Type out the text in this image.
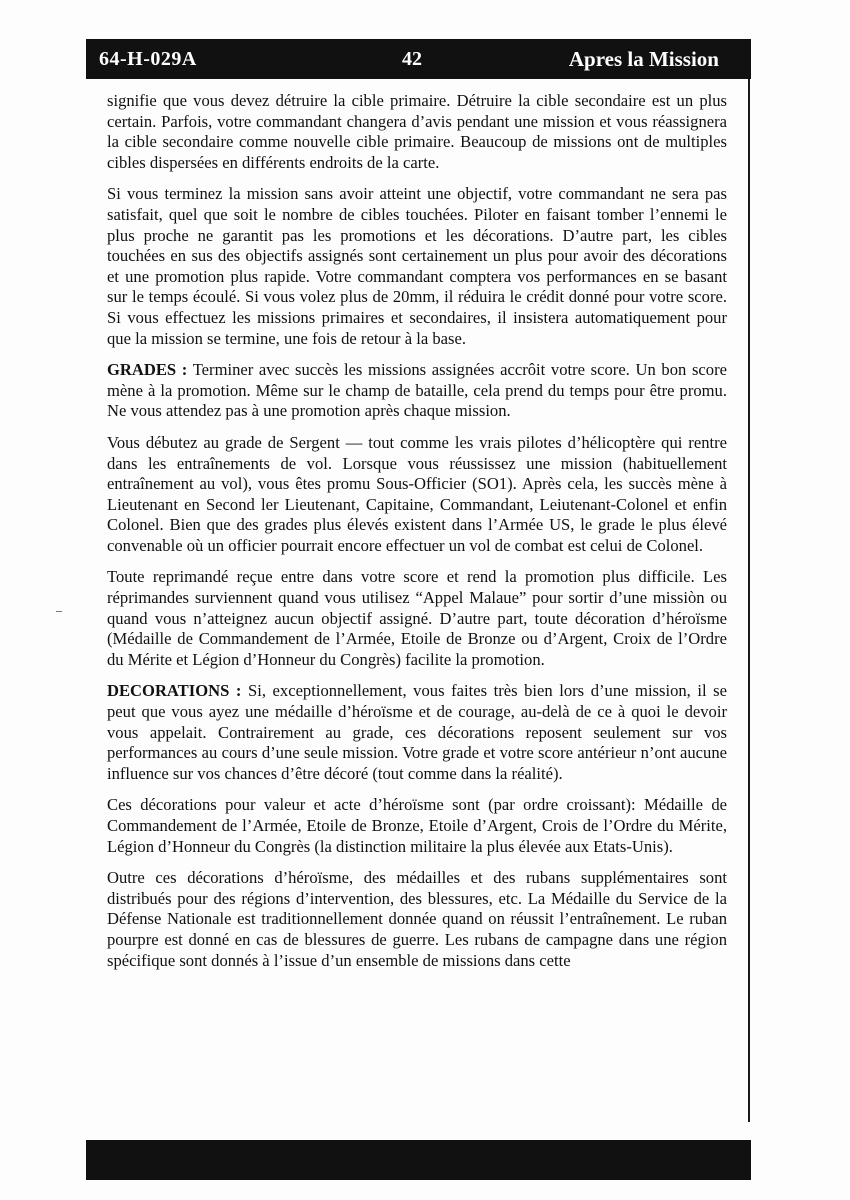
64-H-029A	42	Apres la Mission

signifie que vous devez détruire la cible primaire. Détruire la cible secondaire est un plus certain. Parfois, votre commandant changera d’avis pendant une mission et vous réassignera la cible secondaire comme nouvelle cible primaire. Beaucoup de missions ont de multiples cibles dispersées en différents endroits de la carte.

Si vous terminez la mission sans avoir atteint une objectif, votre commandant ne sera pas satisfait, quel que soit le nombre de cibles touchées. Piloter en faisant tomber l’ennemi le plus proche ne garantit pas les promotions et les décorations. D’autre part, les cibles touchées en sus des objectifs assignés sont certainement un plus pour avoir des décorations et une promotion plus rapide. Votre commandant comptera vos performances en se basant sur le temps écoulé. Si vous volez plus de 20mm, il réduira le crédit donné pour votre score. Si vous effectuez les missions primaires et secondaires, il insistera automatiquement pour que la mission se termine, une fois de retour à la base.

GRADES : Terminer avec succès les missions assignées accrôit votre score. Un bon score mène à la promotion. Même sur le champ de bataille, cela prend du temps pour être promu. Ne vous attendez pas à une promotion après chaque mission.

Vous débutez au grade de Sergent — tout comme les vrais pilotes d’hélicoptère qui rentre dans les entraînements de vol. Lorsque vous réussissez une mission (habituellement entraînement au vol), vous êtes promu Sous-Officier (SO1). Après cela, les succès mène à Lieutenant en Second ler Lieutenant, Capitaine, Commandant, Leiutenant-Colonel et enfin Colonel. Bien que des grades plus élevés existent dans l’Armée US, le grade le plus élevé convenable où un officier pourrait encore effectuer un vol de combat est celui de Colonel.

Toute reprimandé reçue entre dans votre score et rend la promotion plus difficile. Les réprimandes surviennent quand vous utilisez “Appel Malaue” pour sortir d’une missiòn ou quand vous n’atteignez aucun objectif assigné. D’autre part, toute décoration d’héroïsme (Médaille de Commandement de l’Armée, Etoile de Bronze ou d’Argent, Croix de l’Ordre du Mérite et Légion d’Honneur du Congrès) facilite la promotion.

DECORATIONS : Si, exceptionnellement, vous faites très bien lors d’une mission, il se peut que vous ayez une médaille d’héroïsme et de courage, au-delà de ce à quoi le devoir vous appelait. Contrairement au grade, ces décorations reposent seulement sur vos performances au cours d’une seule mission. Votre grade et votre score antérieur n’ont aucune influence sur vos chances d’être décoré (tout comme dans la réalité).

Ces décorations pour valeur et acte d’héroïsme sont (par ordre croissant): Médaille de Commandement de l’Armée, Etoile de Bronze, Etoile d’Argent, Crois de l’Ordre du Mérite, Légion d’Honneur du Congrès (la distinction militaire la plus élevée aux Etats-Unis).

Outre ces décorations d’héroïsme, des médailles et des rubans supplémentaires sont distribués pour des régions d’intervention, des blessures, etc. La Médaille du Service de la Défense Nationale est traditionnellement donnée quand on réussit l’entraînement. Le ruban pourpre est donné en cas de blessures de guerre. Les rubans de campagne dans une région spécifique sont donnés à l’issue d’un ensemble de missions dans cette
